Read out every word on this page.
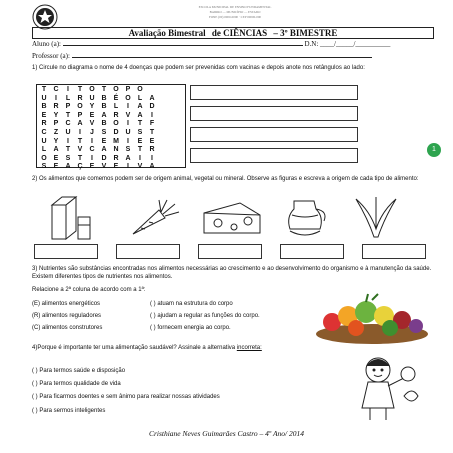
ESCOLA MUNICIPAL DE ENSINO FUNDAMENTAL
BAIRRO — MUNICÍPIO — ESTADO
FONE (00) 0000-0000 · CEP 00000-000
Avaliação Bimestral de CIÊNCIAS – 3º BIMESTRE
Aluno (a):	D.N: ____/_____/__________
Professor (a):
1) Circule no diagrama o nome de 4 doenças que podem ser prevenidas com vacinas e depois anote nos retângulos ao lado:
T	C	I	T	O	T	O P O
U	I	L	R U B	É O	L	A
B R	P O Y	B	L	I	A D
E	Y	T	P	E	A R	V	A	I
R	P	C A	V	B O	I	T	F
C	Z	U	I	J	S	D U	S	T
U	Y	I	T	I	E M	I	E	E
L	A	T	V	C A N	S	T	R
O E	S	T	I	D R A	I	I
S	E	A Ç	E	V	E	I	V	A
1
2) Os alimentos que comemos podem ser de origem animal, vegetal ou mineral. Observe as figuras e escreva a origem de cada tipo de alimento:
3) Nutrientes são substâncias encontradas nos alimentos necessárias ao crescimento e ao desenvolvimento do organismo e à manutenção da saúde. Existem diferentes tipos de nutrientes nos alimentos.
Relacione a 2ª coluna de acordo com a 1ª:
(E) alimentos energéticos
(R) alimentos reguladores
(C) alimentos construtores
( ) atuam na estrutura do corpo
( ) ajudam a regular as funções do corpo.
( ) fornecem energia ao corpo.
4)Porque é importante ter uma alimentação saudável? Assinale a alternativa incorreta:
( ) Para termos saúde e disposição
( ) Para termos qualidade de vida
( ) Para ficarmos doentes e sem ânimo para realizar nossas atividades
( ) Para sermos inteligentes
Cristhiane Neves Guimarães Castro – 4º Ano/ 2014
